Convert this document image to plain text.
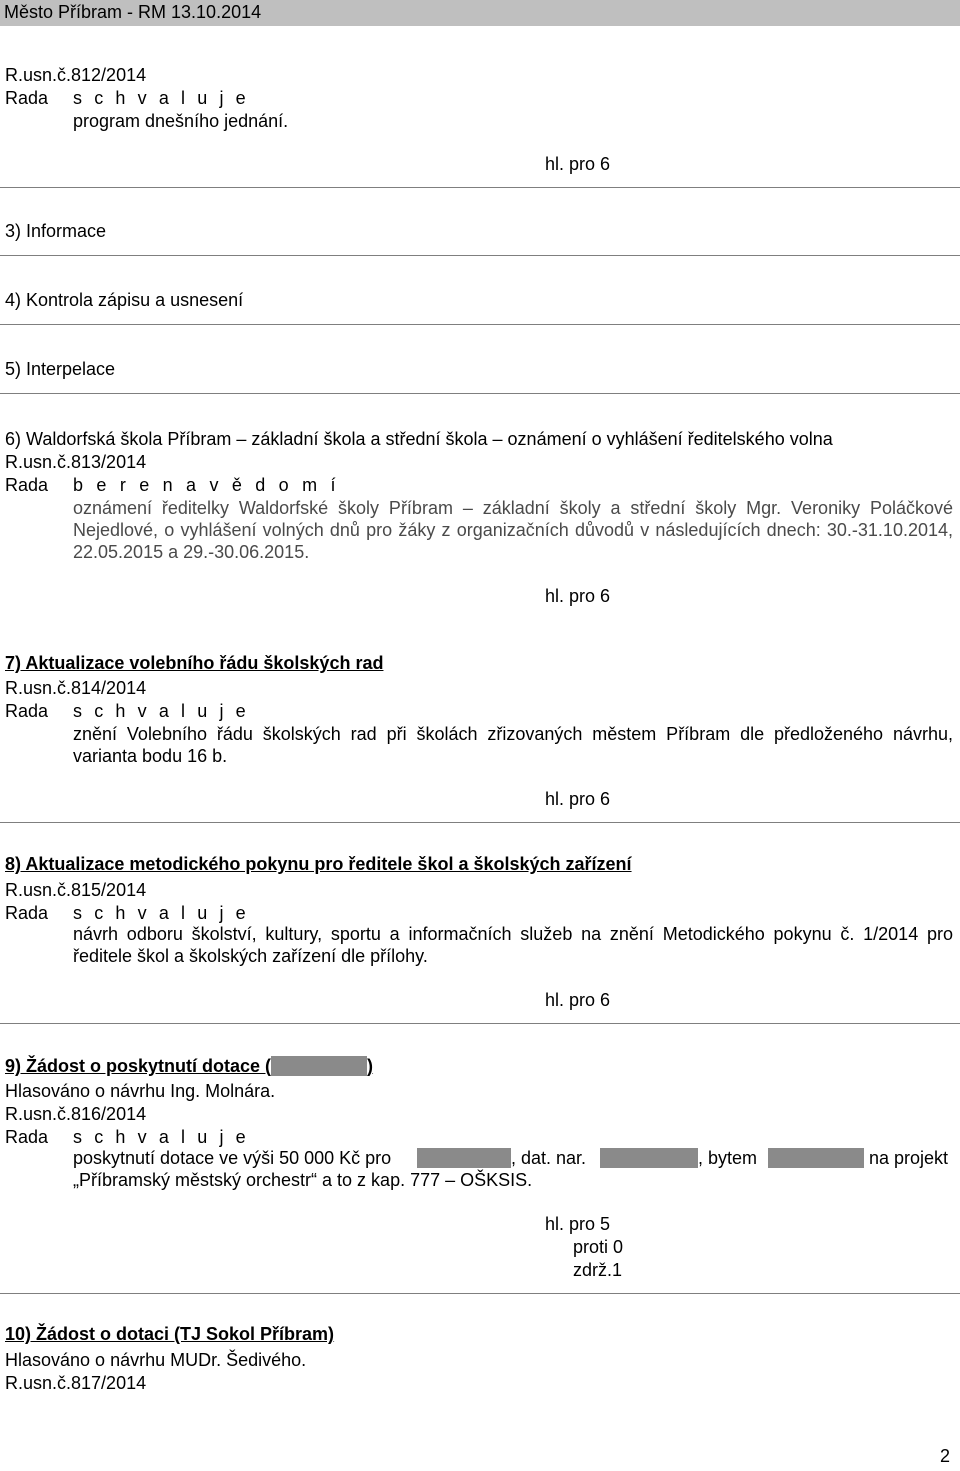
Město Příbram - RM 13.10.2014
R.usn.č.812/2014
Rada s c h v a l u j e
program dnešního jednání.
hl. pro 6
3) Informace
4) Kontrola zápisu a usnesení
5) Interpelace
6) Waldorfská škola Příbram – základní škola a střední škola – oznámení o vyhlášení ředitelského volna
R.usn.č.813/2014
Rada b e r e n a v ě d o m í
oznámení ředitelky Waldorfské školy Příbram – základní školy a střední školy Mgr. Veroniky Poláčkové Nejedlové, o vyhlášení volných dnů pro žáky z organizačních důvodů v následujících dnech: 30.-31.10.2014, 22.05.2015 a 29.-30.06.2015.
hl. pro 6
7) Aktualizace volebního řádu školských rad
R.usn.č.814/2014
Rada s c h v a l u j e
znění Volebního řádu školských rad při školách zřizovaných městem Příbram dle předloženého návrhu, varianta bodu 16 b.
hl. pro 6
8) Aktualizace metodického pokynu pro ředitele škol a školských zařízení
R.usn.č.815/2014
Rada s c h v a l u j e
návrh odboru školství, kultury, sportu a informačních služeb na znění Metodického pokynu č. 1/2014 pro ředitele škol a školských zařízení dle přílohy.
hl. pro 6
9) Žádost o poskytnutí dotace (	)
Hlasováno o návrhu Ing. Molnára.
R.usn.č.816/2014
Rada s c h v a l u j e
poskytnutí dotace ve výši 50 000 Kč pro	, dat. nar.	, bytem	na projekt
„Příbramský městský orchestr“ a to z kap. 777 – OŠKSIS.
hl. pro 5
proti 0
zdrž.1
10) Žádost o dotaci (TJ Sokol Příbram)
Hlasováno o návrhu MUDr. Šedivého.
R.usn.č.817/2014
2
